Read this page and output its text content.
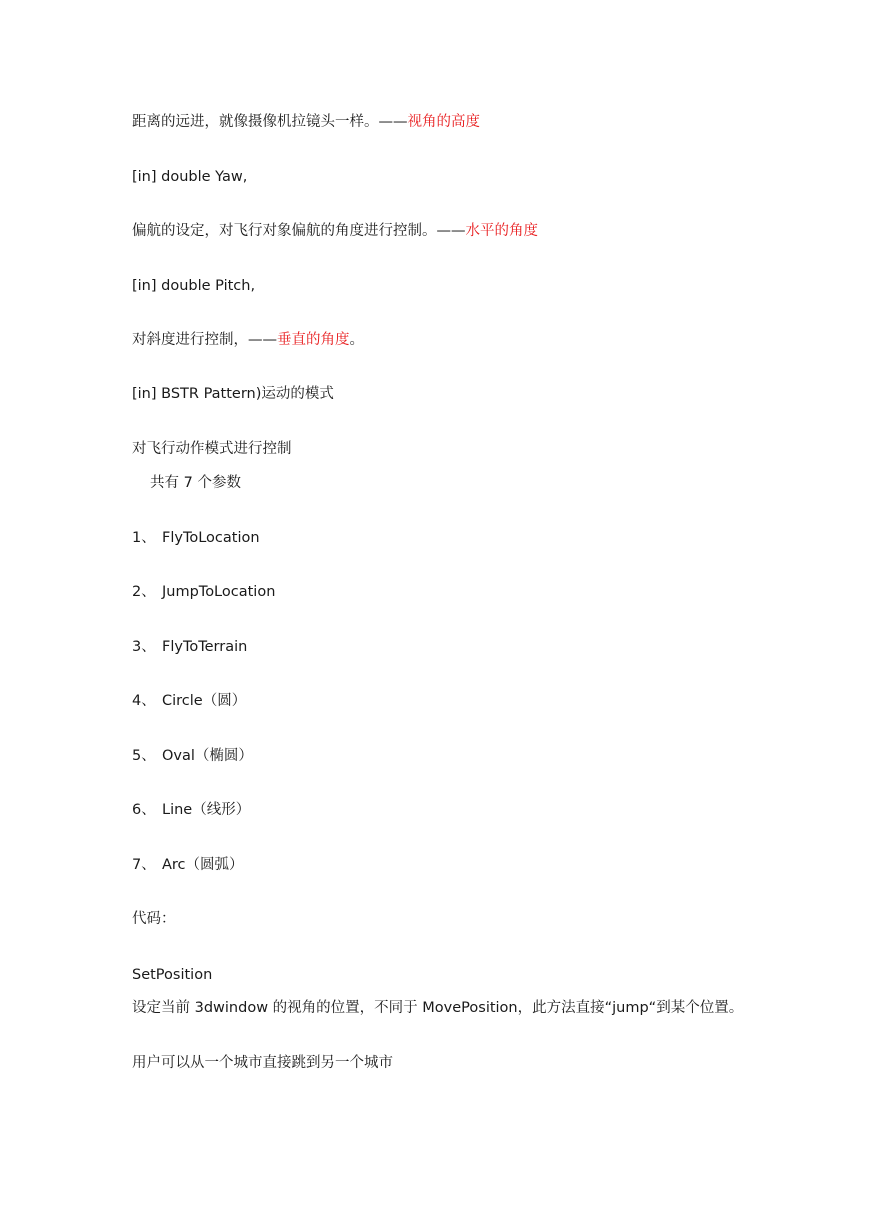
距离的远进，就像摄像机拉镜头一样。——视角的高度
[in] double Yaw,
偏航的设定，对飞行对象偏航的角度进行控制。——水平的角度
[in] double Pitch,
对斜度进行控制，——垂直的角度。
[in] BSTR Pattern)运动的模式
对飞行动作模式进行控制
共有 7 个参数
1、 FlyToLocation
2、 JumpToLocation
3、 FlyToTerrain
4、 Circle（圆）
5、 Oval（椭圆）
6、 Line（线形）
7、 Arc（圆弧）
代码：
SetPosition
设定当前 3dwindow 的视角的位置，不同于 MovePosition，此方法直接“jump“到某个位置。
用户可以从一个城市直接跳到另一个城市
